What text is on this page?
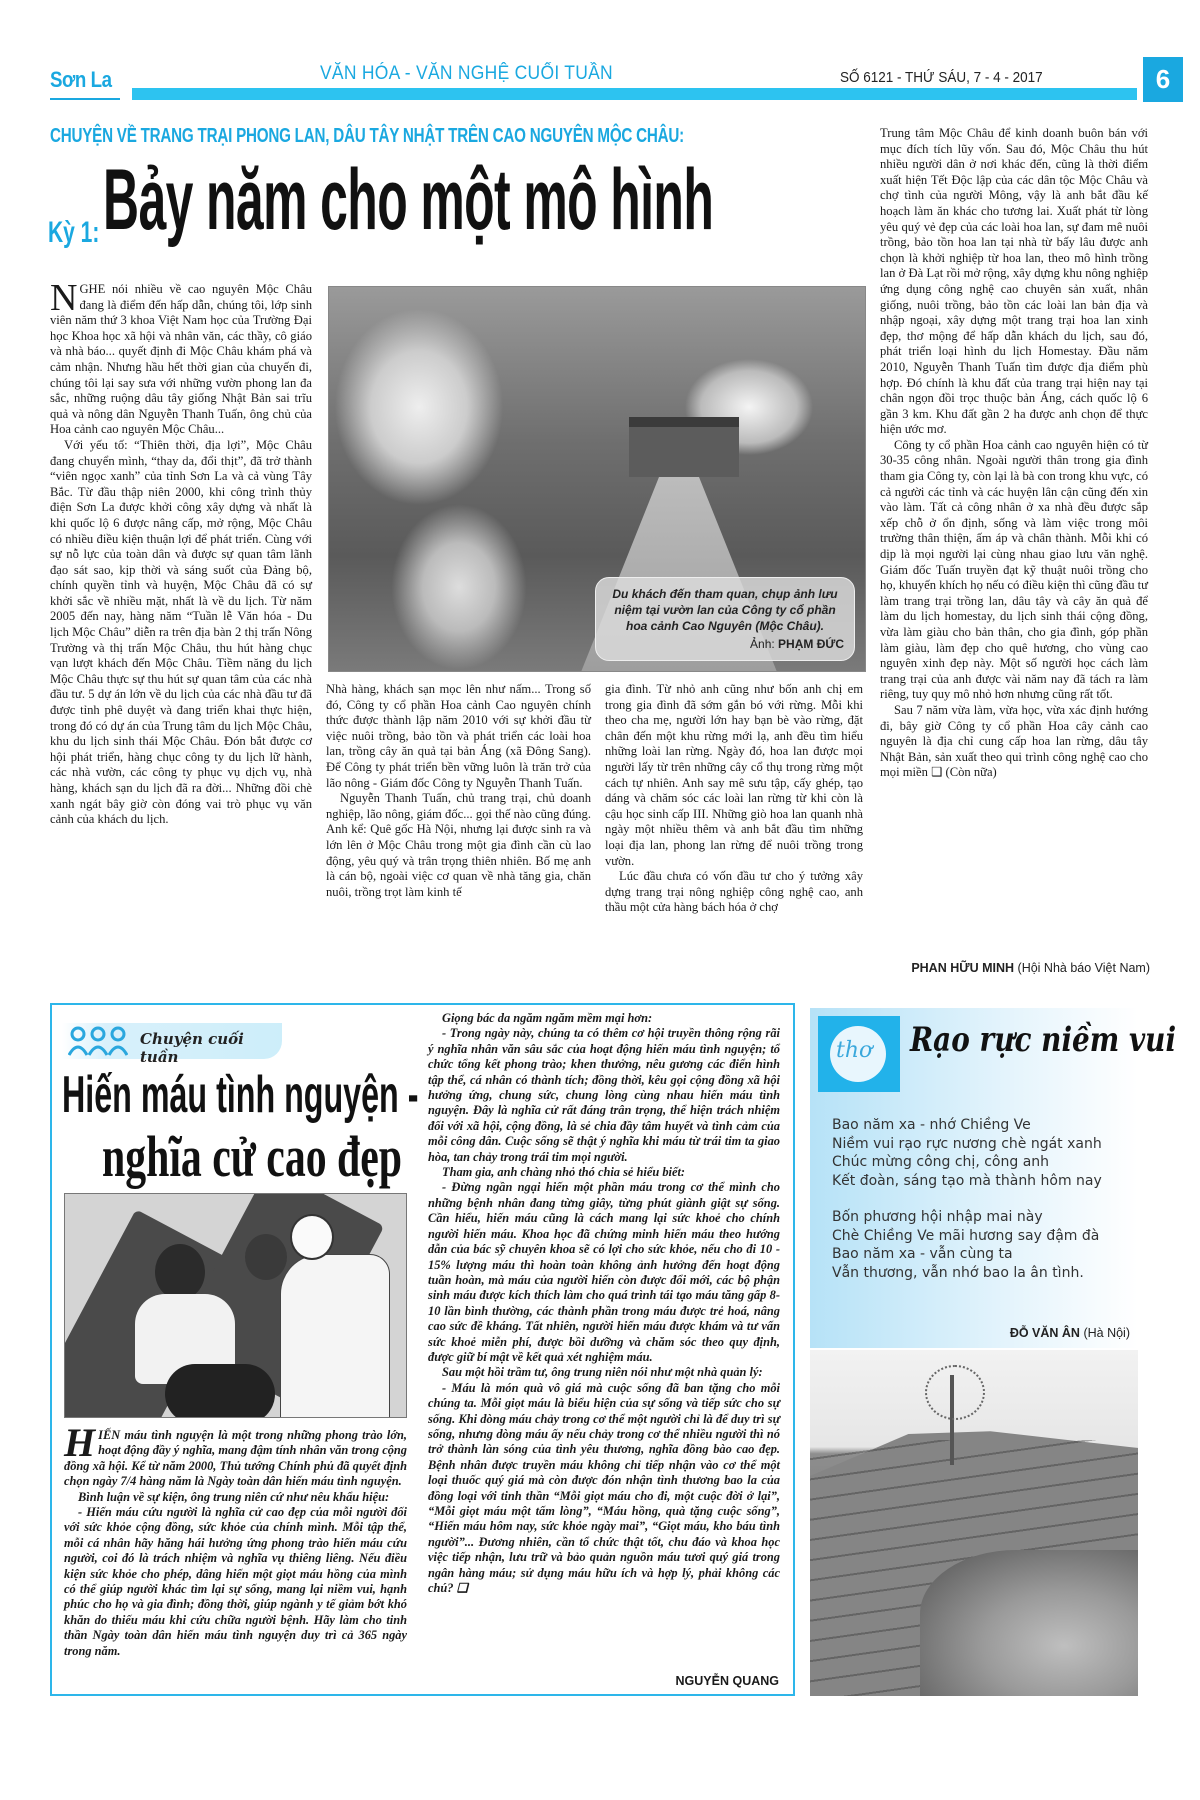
Sơn La	VĂN HÓA - VĂN NGHỆ CUỐI TUẦN	SỐ 6121 - THỨ SÁU, 7 - 4 - 2017	6
CHUYỆN VỀ TRANG TRẠI PHONG LAN, DÂU TÂY NHẬT TRÊN CAO NGUYÊN MỘC CHÂU:
Kỳ 1:Bảy năm cho một mô hình

NGHE nói nhiều về cao nguyên Mộc Châu đang là điểm đến hấp dẫn, chúng tôi, lớp sinh viên năm thứ 3 khoa Việt Nam học của Trường Đại học Khoa học xã hội và nhân văn, các thầy, cô giáo và nhà báo... quyết định đi Mộc Châu khám phá và cảm nhận. Nhưng hầu hết thời gian của chuyến đi, chúng tôi lại say sưa với những vườn phong lan đa sắc, những ruộng dâu tây giống Nhật Bản sai trĩu quả và nông dân Nguyễn Thanh Tuấn, ông chủ của Hoa cảnh cao nguyên Mộc Châu...

Với yếu tố: “Thiên thời, địa lợi”, Mộc Châu đang chuyển mình, “thay da, đổi thịt”, đã trở thành “viên ngọc xanh” của tỉnh Sơn La và cả vùng Tây Bắc. Từ đầu thập niên 2000, khi công trình thủy điện Sơn La được khởi công xây dựng và nhất là khi quốc lộ 6 được nâng cấp, mở rộng, Mộc Châu có nhiều điều kiện thuận lợi để phát triển. Cùng với sự nỗ lực của toàn dân và được sự quan tâm lãnh đạo sát sao, kịp thời và sáng suốt của Đảng bộ, chính quyền tỉnh và huyện, Mộc Châu đã có sự khởi sắc về nhiều mặt, nhất là về du lịch. Từ năm 2005 đến nay, hàng năm “Tuần lễ Văn hóa - Du lịch Mộc Châu” diễn ra trên địa bàn 2 thị trấn Nông Trường và thị trấn Mộc Châu, thu hút hàng chục vạn lượt khách đến Mộc Châu. Tiềm năng du lịch Mộc Châu thực sự thu hút sự quan tâm của các nhà đầu tư. 5 dự án lớn về du lịch của các nhà đầu tư đã được tỉnh phê duyệt và đang triển khai thực hiện, trong đó có dự án của Trung tâm du lịch Mộc Châu, khu du lịch sinh thái Mộc Châu. Đón bắt được cơ hội phát triển, hàng chục công ty du lịch lữ hành, các nhà vườn, các công ty phục vụ dịch vụ, nhà hàng, khách sạn du lịch đã ra đời... Những đồi chè xanh ngát bây giờ còn đóng vai trò phục vụ văn cảnh của khách du lịch.

Du khách đến tham quan, chụp ảnh lưu niệm tại vườn lan của Công ty cổ phần hoa cảnh Cao Nguyên (Mộc Châu).
Ảnh: PHẠM ĐỨC

Nhà hàng, khách sạn mọc lên như nấm... Trong số đó, Công ty cổ phần Hoa cảnh Cao nguyên chính thức được thành lập năm 2010 với sự khởi đầu từ việc nuôi trồng, bảo tồn và phát triển các loài hoa lan, trồng cây ăn quả tại bản Áng (xã Đông Sang). Để Công ty phát triển bền vững luôn là trăn trở của lão nông - Giám đốc Công ty Nguyễn Thanh Tuấn.

Nguyễn Thanh Tuấn, chủ trang trại, chủ doanh nghiệp, lão nông, giám đốc... gọi thế nào cũng đúng. Anh kể: Quê gốc Hà Nội, nhưng lại được sinh ra và lớn lên ở Mộc Châu trong một gia đình cần cù lao động, yêu quý và trân trọng thiên nhiên. Bố mẹ anh là cán bộ, ngoài việc cơ quan về nhà tăng gia, chăn nuôi, trồng trọt làm kinh tế

gia đình. Từ nhỏ anh cũng như bốn anh chị em trong gia đình đã sớm gắn bó với rừng. Mỗi khi theo cha mẹ, người lớn hay bạn bè vào rừng, đặt chân đến một khu rừng mới lạ, anh đều tìm hiểu những loài lan rừng. Ngày đó, hoa lan được mọi người lấy từ trên những cây cổ thụ trong rừng một cách tự nhiên. Anh say mê sưu tập, cấy ghép, tạo dáng và chăm sóc các loài lan rừng từ khi còn là cậu học sinh cấp III. Những giò hoa lan quanh nhà ngày một nhiều thêm và anh bắt đầu tìm những loại địa lan, phong lan rừng để nuôi trồng trong vườn.

Lúc đầu chưa có vốn đầu tư cho ý tưởng xây dựng trang trại nông nghiệp công nghệ cao, anh thầu một cửa hàng bách hóa ở chợ

Trung tâm Mộc Châu để kinh doanh buôn bán với mục đích tích lũy vốn. Sau đó, Mộc Châu thu hút nhiều người dân ở nơi khác đến, cũng là thời điểm xuất hiện Tết Độc lập của các dân tộc Mộc Châu và chợ tình của người Mông, vậy là anh bắt đầu kế hoạch làm ăn khác cho tương lai. Xuất phát từ lòng yêu quý vẻ đẹp của các loài hoa lan, sự đam mê nuôi trồng, bảo tồn hoa lan tại nhà từ bấy lâu được anh chọn là khởi nghiệp từ hoa lan, theo mô hình trồng lan ở Đà Lạt rồi mở rộng, xây dựng khu nông nghiệp ứng dụng công nghệ cao chuyên sản xuất, nhân giống, nuôi trồng, bảo tồn các loài lan bản địa và nhập ngoại, xây dựng một trang trại hoa lan xinh đẹp, thơ mộng để hấp dẫn khách du lịch, sau đó, phát triển loại hình du lịch Homestay. Đầu năm 2010, Nguyễn Thanh Tuấn tìm được địa điểm phù hợp. Đó chính là khu đất của trang trại hiện nay tại chân ngọn đồi trọc thuộc bản Áng, cách quốc lộ 6 gần 3 km. Khu đất gần 2 ha được anh chọn để thực hiện ước mơ.

Công ty cổ phần Hoa cảnh cao nguyên hiện có từ 30-35 công nhân. Ngoài người thân trong gia đình tham gia Công ty, còn lại là bà con trong khu vực, có cả người các tỉnh và các huyện lân cận cũng đến xin vào làm. Tất cả công nhân ở xa nhà đều được sắp xếp chỗ ở ổn định, sống và làm việc trong môi trường thân thiện, ấm áp và chân thành. Mỗi khi có dịp là mọi người lại cùng nhau giao lưu văn nghệ. Giám đốc Tuấn truyền đạt kỹ thuật nuôi trồng cho họ, khuyến khích họ nếu có điều kiện thì cũng đầu tư làm trang trại trồng lan, dâu tây và cây ăn quả để làm du lịch homestay, du lịch sinh thái cộng đồng, vừa làm giàu cho bản thân, cho gia đình, góp phần làm giàu, làm đẹp cho quê hương, cho vùng cao nguyên xinh đẹp này. Một số người học cách làm trang trại của anh được vài năm nay đã tách ra làm riêng, tuy quy mô nhỏ hơn nhưng cũng rất tốt.

Sau 7 năm vừa làm, vừa học, vừa xác định hướng đi, bây giờ Công ty cổ phần Hoa cây cảnh cao nguyên là địa chỉ cung cấp hoa lan rừng, dâu tây Nhật Bản, sản xuất theo qui trình công nghệ cao cho mọi miền ❑ (Còn nữa)

PHAN HỮU MINH (Hội Nhà báo Việt Nam)
Chuyện cuối tuần
Hiến máu tình nguyện -
nghĩa cử cao đẹp

HIẾN máu tình nguyện là một trong những phong trào lớn, hoạt động đầy ý nghĩa, mang đậm tính nhân văn trong cộng đồng xã hội. Kể từ năm 2000, Thủ tướng Chính phủ đã quyết định chọn ngày 7/4 hàng năm là Ngày toàn dân hiến máu tình nguyện.

Bình luận về sự kiện, ông trung niên cứ như nêu khẩu hiệu:

- Hiến máu cứu người là nghĩa cử cao đẹp của mỗi người đối với sức khỏe cộng đồng, sức khỏe của chính mình. Mỗi tập thể, mỗi cá nhân hãy hăng hái hưởng ứng phong trào hiến máu cứu người, coi đó là trách nhiệm và nghĩa vụ thiêng liêng. Nếu điều kiện sức khỏe cho phép, dâng hiến một giọt máu hồng của mình có thể giúp người khác tìm lại sự sống, mang lại niềm vui, hạnh phúc cho họ và gia đình; đồng thời, giúp ngành y tế giảm bớt khó khăn do thiếu máu khi cứu chữa người bệnh. Hãy làm cho tinh thần Ngày toàn dân hiến máu tình nguyện duy trì cả 365 ngày trong năm.

Giọng bác da ngăm ngăm mềm mại hơn:

- Trong ngày này, chúng ta có thêm cơ hội truyền thông rộng rãi ý nghĩa nhân văn sâu sắc của hoạt động hiến máu tình nguyện; tổ chức tổng kết phong trào; khen thưởng, nêu gương các điển hình tập thể, cá nhân có thành tích; đồng thời, kêu gọi cộng đồng xã hội hưởng ứng, chung sức, chung lòng cùng nhau hiến máu tình nguyện. Đây là nghĩa cử rất đáng trân trọng, thể hiện trách nhiệm đối với xã hội, cộng đồng, là sẻ chia đầy tâm huyết và tình cảm của mỗi công dân. Cuộc sống sẽ thật ý nghĩa khi máu từ trái tim ta giao hòa, tan chảy trong trái tim mọi người.

Tham gia, anh chàng nhỏ thó chia sẻ hiểu biết:

- Đừng ngần ngại hiến một phần máu trong cơ thể mình cho những bệnh nhân đang từng giây, từng phút giành giật sự sống. Cần hiểu, hiến máu cũng là cách mang lại sức khoẻ cho chính người hiến máu. Khoa học đã chứng minh hiến máu theo hướng dẫn của bác sỹ chuyên khoa sẽ có lợi cho sức khỏe, nếu cho đi 10 - 15% lượng máu thì hoàn toàn không ảnh hưởng đến hoạt động tuần hoàn, mà máu của người hiến còn được đổi mới, các bộ phận sinh máu được kích thích làm cho quá trình tái tạo máu tăng gấp 8-10 lần bình thường, các thành phần trong máu được trẻ hoá, nâng cao sức đề kháng. Tất nhiên, người hiến máu được khám và tư vấn sức khoẻ miễn phí, được bồi dưỡng và chăm sóc theo quy định, được giữ bí mật về kết quả xét nghiệm máu.

Sau một hồi trầm tư, ông trung niên nói như một nhà quản lý:

- Máu là món quà vô giá mà cuộc sống đã ban tặng cho mỗi chúng ta. Mỗi giọt máu là biểu hiện của sự sống và tiếp sức cho sự sống. Khi dòng máu chảy trong cơ thể một người chỉ là để duy trì sự sống, nhưng dòng máu ấy nếu chảy trong cơ thể nhiều người thì nó trở thành làn sóng của tình yêu thương, nghĩa đồng bào cao đẹp. Bệnh nhân được truyền máu không chỉ tiếp nhận vào cơ thể một loại thuốc quý giá mà còn được đón nhận tình thương bao la của đồng loại với tinh thần “Mỗi giọt máu cho đi, một cuộc đời ở lại”, “Mỗi giọt máu một tấm lòng”, “Máu hồng, quà tặng cuộc sống”, “Hiến máu hôm nay, sức khỏe ngày mai”, “Giọt máu, kho báu tình người”... Đương nhiên, cần tổ chức thật tốt, chu đáo và khoa học việc tiếp nhận, lưu trữ và bảo quản nguồn máu tươi quý giá trong ngân hàng máu; sử dụng máu hữu ích và hợp lý, phải không các chú? ❑

NGUYỄN QUANG
thơ Rạo rực niềm vui
Bao năm xa - nhớ Chiềng Ve
Niềm vui rạo rực nương chè ngát xanh
Chúc mừng công chị, công anh
Kết đoàn, sáng tạo mà thành hôm nay
Bốn phương hội nhập mai này
Chè Chiềng Ve mãi hương say đậm đà
Bao năm xa - vẫn cùng ta
Vẫn thương, vẫn nhớ bao la ân tình.
ĐỖ VĂN ÂN (Hà Nội)
